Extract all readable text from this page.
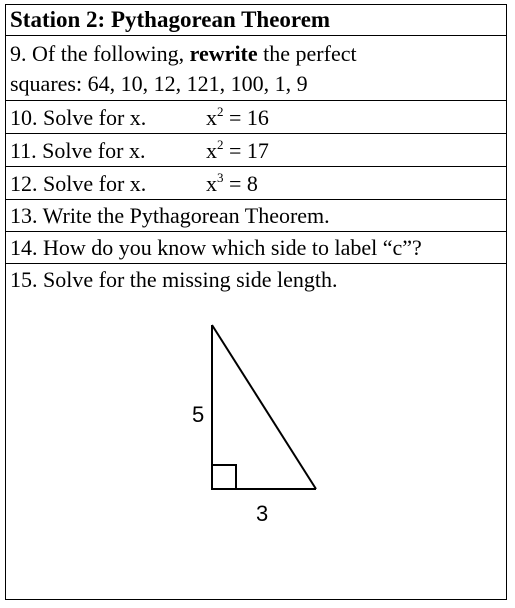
Station 2: Pythagorean Theorem
9. Of the following, rewrite the perfect
squares: 64, 10, 12, 121, 100, 1, 9
10. Solve for x.	$x^2 = 16$
11. Solve for x.	$x^2 = 17$
12. Solve for x.	$x^3 = 8$
13. Write the Pythagorean Theorem.
14. How do you know which side to label “c”?
15. Solve for the missing side length.
5
3
